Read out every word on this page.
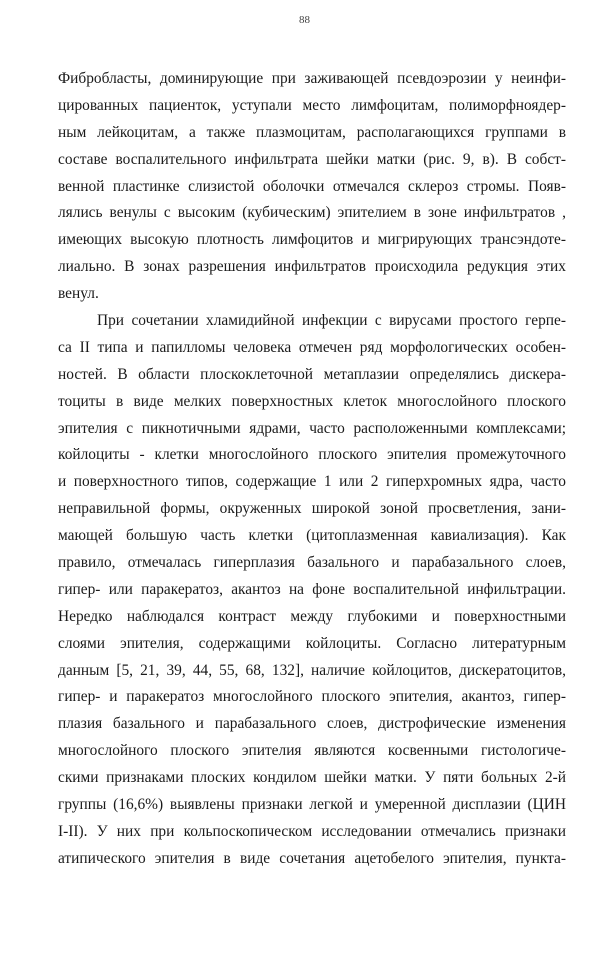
88
Фибробласты, доминирующие при заживающей псевдоэрозии у неинфи-
цированных пациенток, уступали место лимфоцитам, полиморфноядер-
ным лейкоцитам, а также плазмоцитам, располагающихся группами в
составе воспалительного инфильтрата шейки матки (рис. 9, в). В собст-
венной пластинке слизистой оболочки отмечался склероз стромы. Появ-
лялись венулы с высоким (кубическим) эпителием в зоне инфильтратов ,
имеющих высокую плотность лимфоцитов и мигрирующих трансэндоте-
лиально. В зонах разрешения инфильтратов происходила редукция этих
венул.
При сочетании хламидийной инфекции с вирусами простого герпе-
са II типа и папилломы человека отмечен ряд морфологических особен-
ностей. В области плоскоклеточной метаплазии определялись дискера-
тоциты в виде мелких поверхностных клеток многослойного плоского
эпителия с пикнотичными ядрами, часто расположенными комплексами;
койлоциты - клетки многослойного плоского эпителия промежуточного
и поверхностного типов, содержащие 1 или 2 гиперхромных ядра, часто
неправильной формы, окруженных широкой зоной просветления, зани-
мающей большую часть клетки (цитоплазменная кавиализация). Как
правило, отмечалась гиперплазия базального и парабазального слоев,
гипер- или паракератоз, акантоз на фоне воспалительной инфильтрации.
Нередко наблюдался контраст между глубокими и поверхностными
слоями эпителия, содержащими койлоциты. Согласно литературным
данным [5, 21, 39, 44, 55, 68, 132], наличие койлоцитов, дискератоцитов,
гипер- и паракератоз многослойного плоского эпителия, акантоз, гипер-
плазия базального и парабазального слоев, дистрофические изменения
многослойного плоского эпителия являются косвенными гистологиче-
скими признаками плоских кондилом шейки матки. У пяти больных 2-й
группы (16,6%) выявлены признаки легкой и умеренной дисплазии (ЦИН
I-II). У них при кольпоскопическом исследовании отмечались признаки
атипического эпителия в виде сочетания ацетобелого эпителия, пункта-
